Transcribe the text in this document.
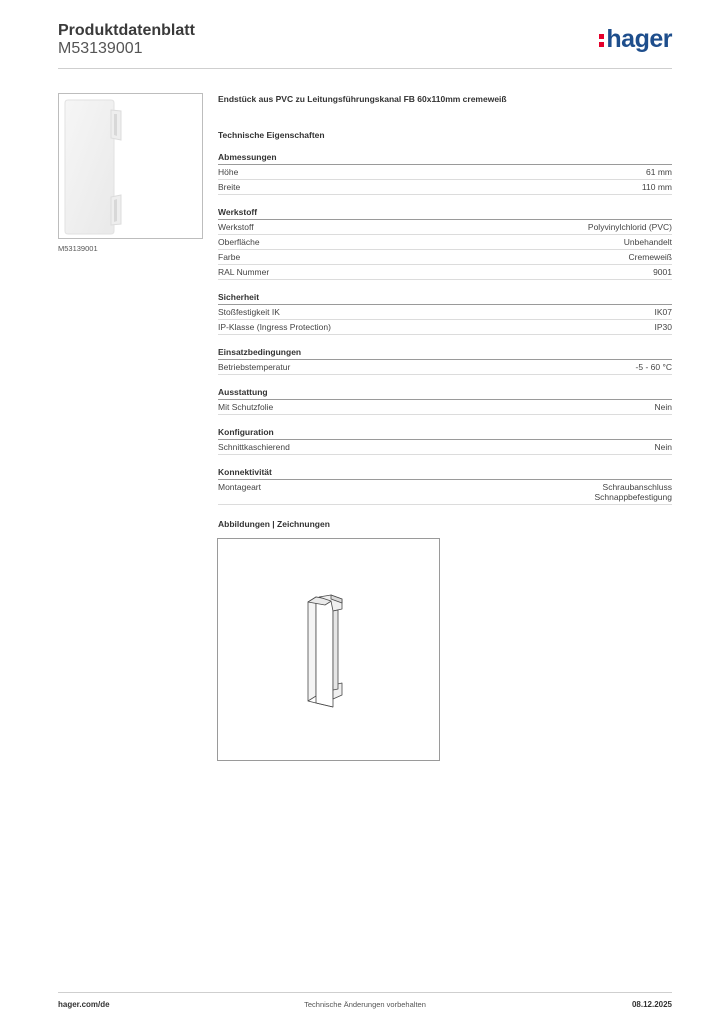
Produktdatenblatt
M53139001	hager
M53139001
Endstück aus PVC zu Leitungsführungskanal FB 60x110mm cremeweiß
Technische Eigenschaften
Abmessungen
Höhe	61 mm
Breite	110 mm
Werkstoff
Werkstoff	Polyvinylchlorid (PVC)
Oberfläche	Unbehandelt
Farbe	Cremeweiß
RAL Nummer	9001
Sicherheit
Stoßfestigkeit IK	IK07
IP-Klasse (Ingress Protection)	IP30
Einsatzbedingungen
Betriebstemperatur	-5 - 60 °C
Ausstattung
Mit Schutzfolie	Nein
Konfiguration
Schnittkaschierend	Nein
Konnektivität
Montageart	Schraubanschluss
Schnappbefestigung
Abbildungen | Zeichnungen
hager.com/de	Technische Änderungen vorbehalten	08.12.2025
